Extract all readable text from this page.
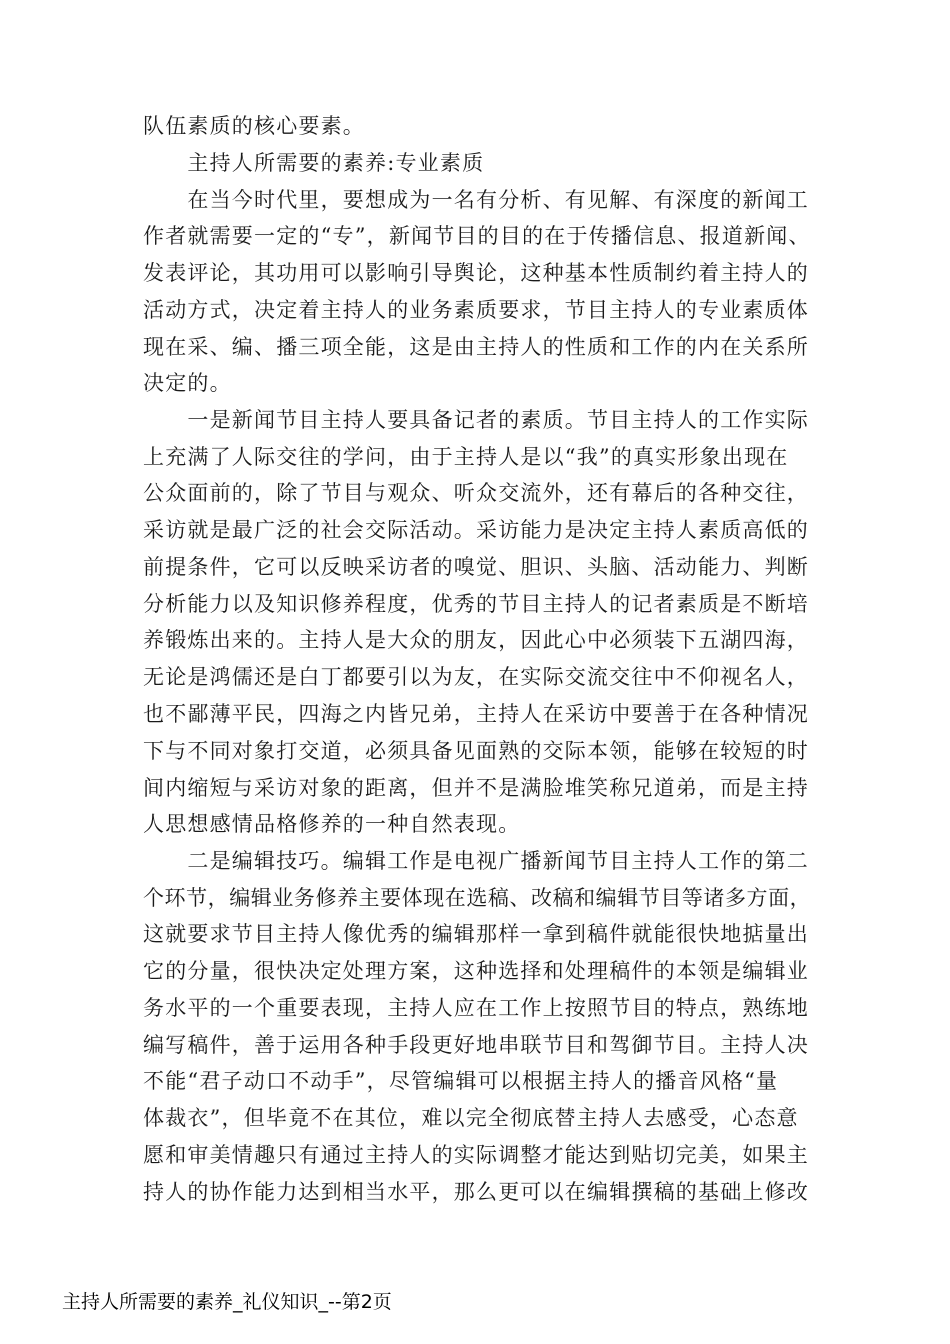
队伍素质的核心要素。
　　主持人所需要的素养:专业素质
　　在当今时代里，要想成为一名有分析、有见解、有深度的新闻工
作者就需要一定的“专”，新闻节目的目的在于传播信息、报道新闻、
发表评论，其功用可以影响引导舆论，这种基本性质制约着主持人的
活动方式，决定着主持人的业务素质要求，节目主持人的专业素质体
现在采、编、播三项全能，这是由主持人的性质和工作的内在关系所
决定的。
　　一是新闻节目主持人要具备记者的素质。节目主持人的工作实际
上充满了人际交往的学问，由于主持人是以“我”的真实形象出现在
公众面前的，除了节目与观众、听众交流外，还有幕后的各种交往，
采访就是最广泛的社会交际活动。采访能力是决定主持人素质高低的
前提条件，它可以反映采访者的嗅觉、胆识、头脑、活动能力、判断
分析能力以及知识修养程度，优秀的节目主持人的记者素质是不断培
养锻炼出来的。主持人是大众的朋友，因此心中必须装下五湖四海，
无论是鸿儒还是白丁都要引以为友，在实际交流交往中不仰视名人，
也不鄙薄平民，四海之内皆兄弟，主持人在采访中要善于在各种情况
下与不同对象打交道，必须具备见面熟的交际本领，能够在较短的时
间内缩短与采访对象的距离，但并不是满脸堆笑称兄道弟，而是主持
人思想感情品格修养的一种自然表现。
　　二是编辑技巧。编辑工作是电视广播新闻节目主持人工作的第二
个环节，编辑业务修养主要体现在选稿、改稿和编辑节目等诸多方面，
这就要求节目主持人像优秀的编辑那样一拿到稿件就能很快地掂量出
它的分量，很快决定处理方案，这种选择和处理稿件的本领是编辑业
务水平的一个重要表现，主持人应在工作上按照节目的特点，熟练地
编写稿件，善于运用各种手段更好地串联节目和驾御节目。主持人决
不能“君子动口不动手”，尽管编辑可以根据主持人的播音风格“量
体裁衣”，但毕竟不在其位，难以完全彻底替主持人去感受，心态意
愿和审美情趣只有通过主持人的实际调整才能达到贴切完美，如果主
持人的协作能力达到相当水平，那么更可以在编辑撰稿的基础上修改
主持人所需要的素养_礼仪知识_--第2页
